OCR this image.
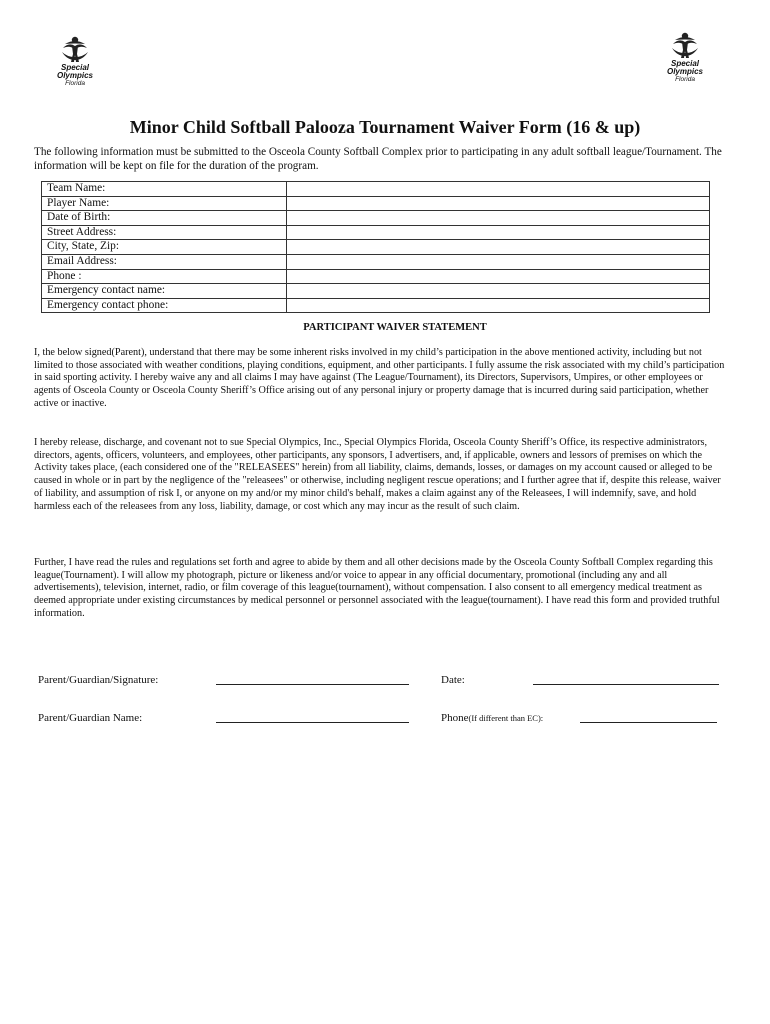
Special
Olympics
Florida
Special
Olympics
Florida
Minor Child Softball Palooza Tournament Waiver Form (16 & up)
The following information must be submitted to the Osceola County Softball Complex prior to participating in any adult softball league/Tournament. The information will be kept on file for the duration of the program.
Team Name:	
Player Name:	
Date of Birth:	
Street Address:	
City, State, Zip:	
Email Address:	
Phone :	
Emergency contact name:	
Emergency contact phone:	
PARTICIPANT WAIVER STATEMENT
I, the below signed(Parent), understand that there may be some inherent risks involved in my child’s participation in the above mentioned activity, including but not limited to those associated with weather conditions, playing conditions, equipment, and other participants. I fully assume the risk associated with my child’s participation in said sporting activity. I hereby waive any and all claims I may have against (The League/Tournament), its Directors, Supervisors, Umpires, or other employees or agents of Osceola County or Osceola County Sheriff’s Office arising out of any personal injury or property damage that is incurred during said participation, whether active or inactive.
I hereby release, discharge, and covenant not to sue Special Olympics, Inc., Special Olympics Florida, Osceola County Sheriff’s Office, its respective administrators, directors, agents, officers, volunteers, and employees, other participants, any sponsors, I advertisers, and, if applicable, owners and lessors of premises on which the Activity takes place, (each considered one of the "RELEASEES" herein) from all liability, claims, demands, losses, or damages on my account caused or alleged to be caused in whole or in part by the negligence of the "releasees" or otherwise, including negligent rescue operations; and I further agree that if, despite this release, waiver of liability, and assumption of risk I, or anyone on my and/or my minor child's behalf, makes a claim against any of the Releasees, I will indemnify, save, and hold harmless each of the releasees from any loss, liability, damage, or cost which any may incur as the result of such claim.
Further, I have read the rules and regulations set forth and agree to abide by them and all other decisions made by the Osceola County Softball Complex regarding this league(Tournament). I will allow my photograph, picture or likeness and/or voice to appear in any official documentary, promotional (including any and all advertisements), television, internet, radio, or film coverage of this league(tournament), without compensation. I also consent to all emergency medical treatment as deemed appropriate under existing circumstances by medical personnel or personnel associated with the league(tournament). I have read this form and provided truthful information.
Parent/Guardian/Signature:	Date:
Parent/Guardian Name:	Phone(If different than EC):
